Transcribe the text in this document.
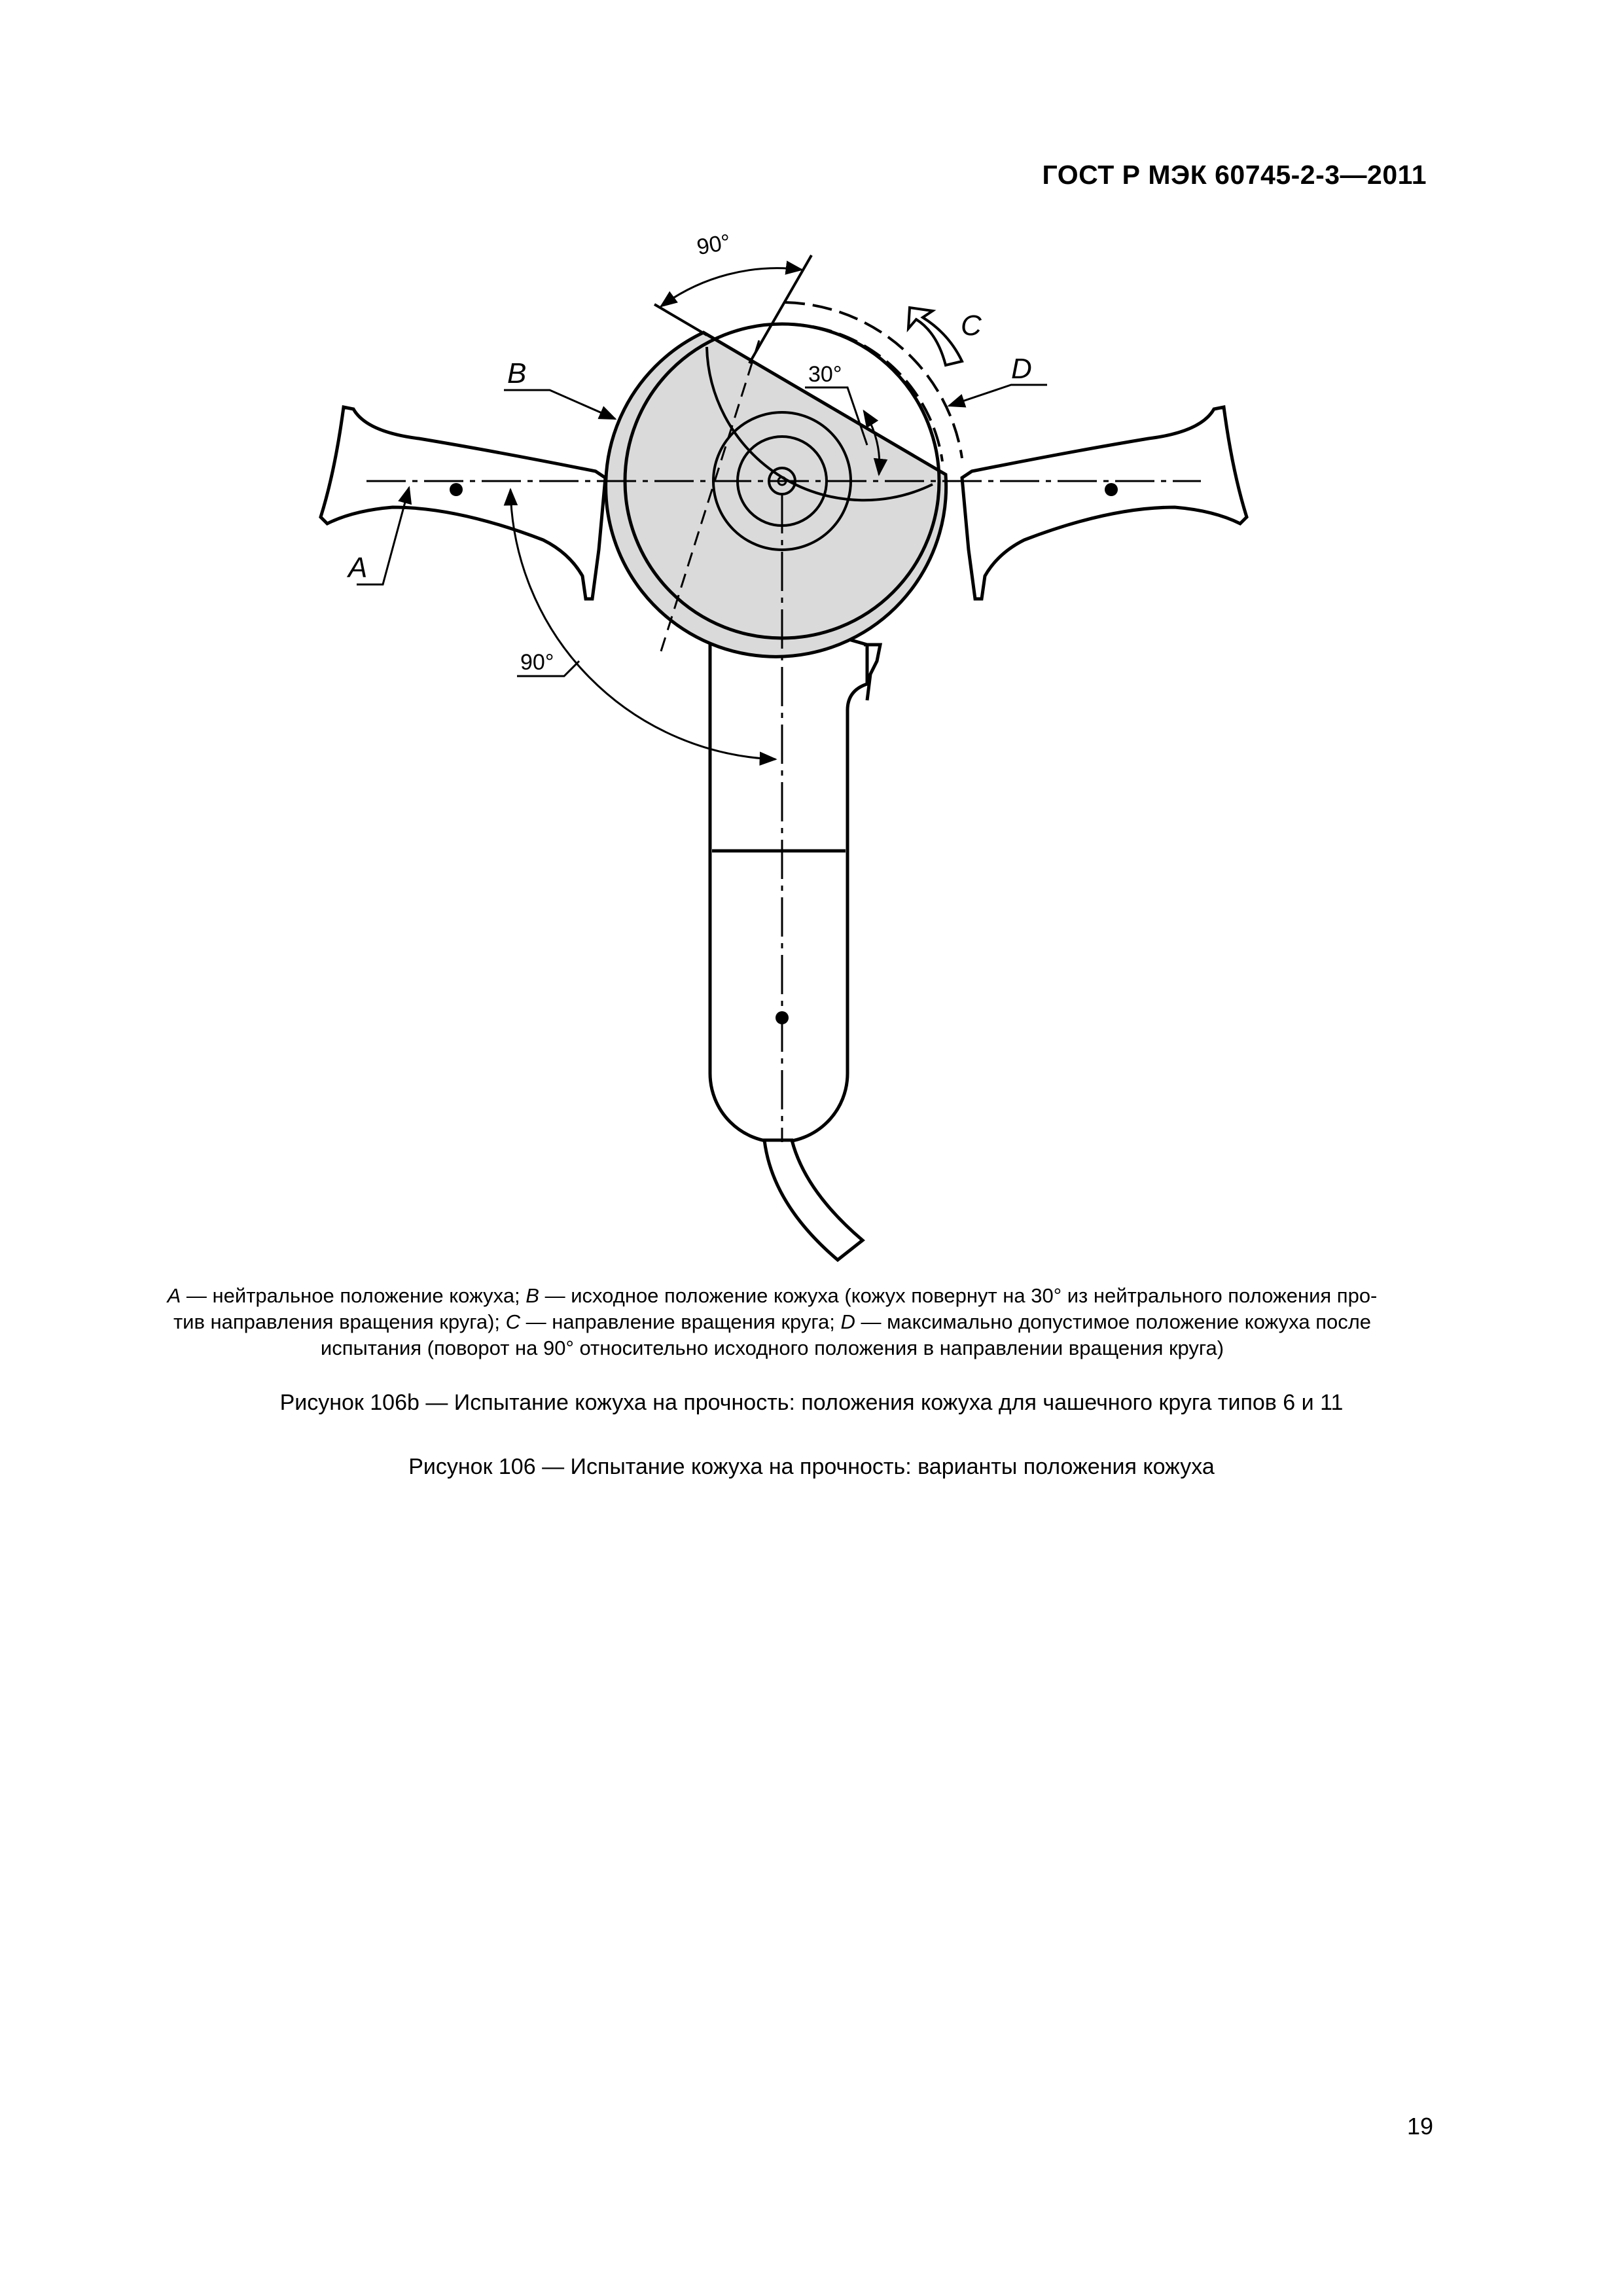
ГОСТ Р МЭК 60745-2-3—2011
A
B
C
D
90°
30°
90°

A — нейтральное положение кожуха; B — исходное положение кожуха (кожух повернут на 30° из нейтрального положения про-

тив направления вращения круга); C — направление вращения круга; D — максимально допустимое положение кожуха после

испытания (поворот на 90° относительно исходного положения в направлении вращения круга)

Рисунок 106b — Испытание кожуха на прочность: положения кожуха для чашечного круга типов 6 и 11
Рисунок 106 — Испытание кожуха на прочность: варианты положения кожуха
19
